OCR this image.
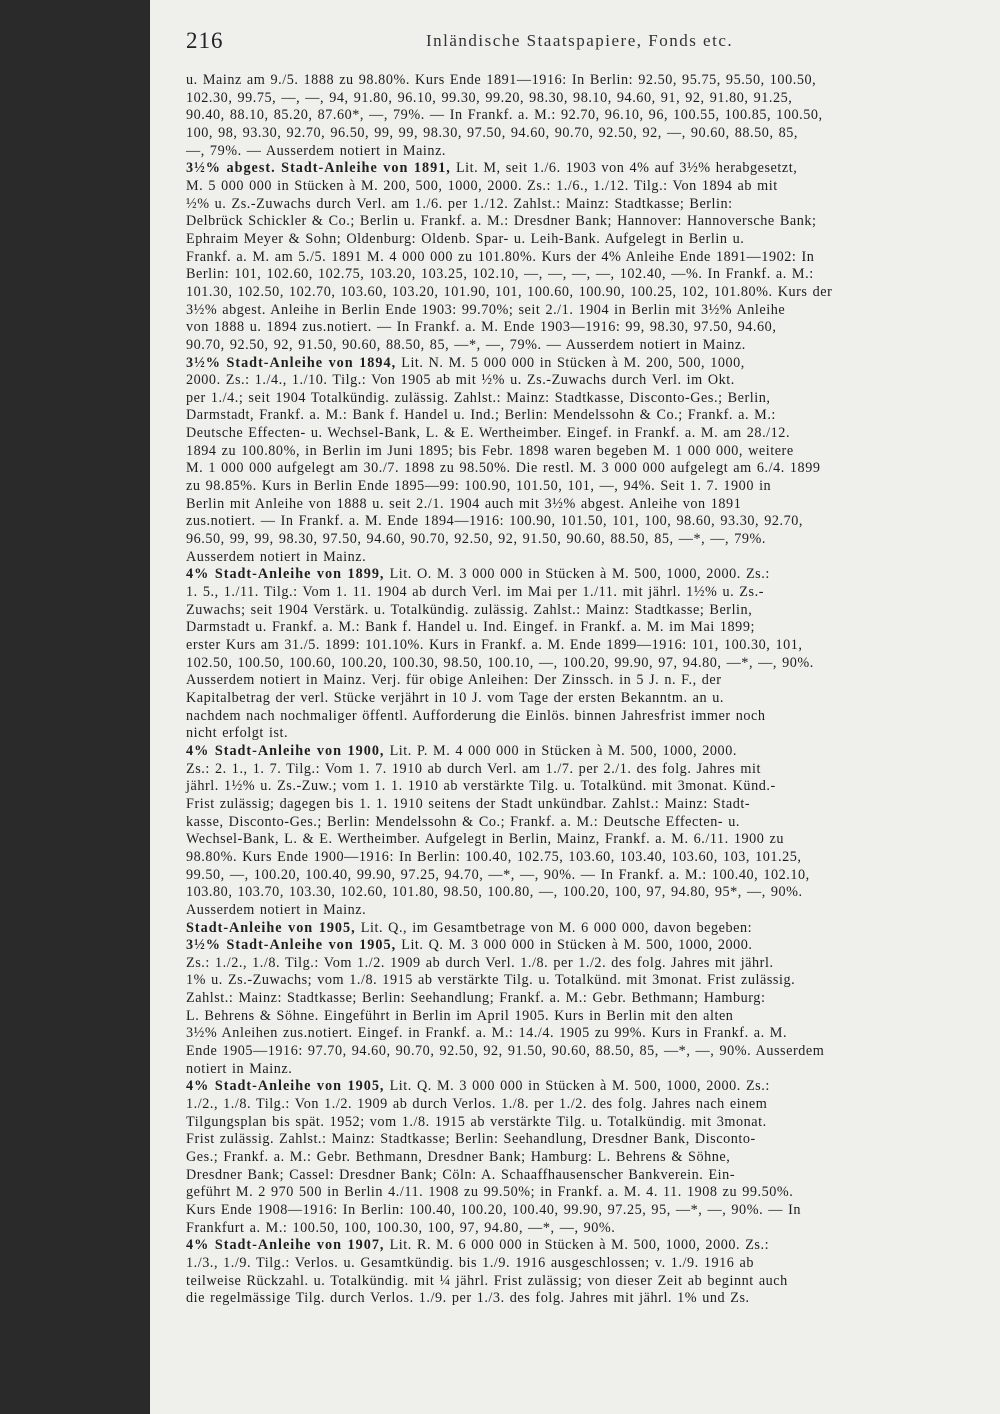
216	Inländische Staatspapiere, Fonds etc.

u. Mainz am 9./5. 1888 zu 98.80%. Kurs Ende 1891—1916: In Berlin: 92.50, 95.75, 95.50, 100.50,
102.30, 99.75, —, —, 94, 91.80, 96.10, 99.30, 99.20, 98.30, 98.10, 94.60, 91, 92, 91.80, 91.25,
90.40, 88.10, 85.20, 87.60*, —, 79%. — In Frankf. a. M.: 92.70, 96.10, 96, 100.55, 100.85, 100.50,
100, 98, 93.30, 92.70, 96.50, 99, 99, 98.30, 97.50, 94.60, 90.70, 92.50, 92, —, 90.60, 88.50, 85,
—, 79%. — Ausserdem notiert in Mainz.

3½% abgest. Stadt-Anleihe von 1891, Lit. M, seit 1./6. 1903 von 4% auf 3½% herabgesetzt,
M. 5 000 000 in Stücken à M. 200, 500, 1000, 2000. Zs.: 1./6., 1./12. Tilg.: Von 1894 ab mit
½% u. Zs.-Zuwachs durch Verl. am 1./6. per 1./12. Zahlst.: Mainz: Stadtkasse; Berlin:
Delbrück Schickler & Co.; Berlin u. Frankf. a. M.: Dresdner Bank; Hannover: Hannoversche Bank;
Ephraim Meyer & Sohn; Oldenburg: Oldenb. Spar- u. Leih-Bank. Aufgelegt in Berlin u.
Frankf. a. M. am 5./5. 1891 M. 4 000 000 zu 101.80%. Kurs der 4% Anleihe Ende 1891—1902: In
Berlin: 101, 102.60, 102.75, 103.20, 103.25, 102.10, —, —, —, —, 102.40, —%. In Frankf. a. M.:
101.30, 102.50, 102.70, 103.60, 103.20, 101.90, 101, 100.60, 100.90, 100.25, 102, 101.80%. Kurs der
3½% abgest. Anleihe in Berlin Ende 1903: 99.70%; seit 2./1. 1904 in Berlin mit 3½% Anleihe
von 1888 u. 1894 zus.notiert. — In Frankf. a. M. Ende 1903—1916: 99, 98.30, 97.50, 94.60,
90.70, 92.50, 92, 91.50, 90.60, 88.50, 85, —*, —, 79%. — Ausserdem notiert in Mainz.

3½% Stadt-Anleihe von 1894, Lit. N. M. 5 000 000 in Stücken à M. 200, 500, 1000,
2000. Zs.: 1./4., 1./10. Tilg.: Von 1905 ab mit ½% u. Zs.-Zuwachs durch Verl. im Okt.
per 1./4.; seit 1904 Totalkündig. zulässig. Zahlst.: Mainz: Stadtkasse, Disconto-Ges.; Berlin,
Darmstadt, Frankf. a. M.: Bank f. Handel u. Ind.; Berlin: Mendelssohn & Co.; Frankf. a. M.:
Deutsche Effecten- u. Wechsel-Bank, L. & E. Wertheimber. Eingef. in Frankf. a. M. am 28./12.
1894 zu 100.80%, in Berlin im Juni 1895; bis Febr. 1898 waren begeben M. 1 000 000, weitere
M. 1 000 000 aufgelegt am 30./7. 1898 zu 98.50%. Die restl. M. 3 000 000 aufgelegt am 6./4. 1899
zu 98.85%. Kurs in Berlin Ende 1895—99: 100.90, 101.50, 101, —, 94%. Seit 1. 7. 1900 in
Berlin mit Anleihe von 1888 u. seit 2./1. 1904 auch mit 3½% abgest. Anleihe von 1891
zus.notiert. — In Frankf. a. M. Ende 1894—1916: 100.90, 101.50, 101, 100, 98.60, 93.30, 92.70,
96.50, 99, 99, 98.30, 97.50, 94.60, 90.70, 92.50, 92, 91.50, 90.60, 88.50, 85, —*, —, 79%.
Ausserdem notiert in Mainz.

4% Stadt-Anleihe von 1899, Lit. O. M. 3 000 000 in Stücken à M. 500, 1000, 2000. Zs.:
1. 5., 1./11. Tilg.: Vom 1. 11. 1904 ab durch Verl. im Mai per 1./11. mit jährl. 1½% u. Zs.-
Zuwachs; seit 1904 Verstärk. u. Totalkündig. zulässig. Zahlst.: Mainz: Stadtkasse; Berlin,
Darmstadt u. Frankf. a. M.: Bank f. Handel u. Ind. Eingef. in Frankf. a. M. im Mai 1899;
erster Kurs am 31./5. 1899: 101.10%. Kurs in Frankf. a. M. Ende 1899—1916: 101, 100.30, 101,
102.50, 100.50, 100.60, 100.20, 100.30, 98.50, 100.10, —, 100.20, 99.90, 97, 94.80, —*, —, 90%.
Ausserdem notiert in Mainz. Verj. für obige Anleihen: Der Zinssch. in 5 J. n. F., der
Kapitalbetrag der verl. Stücke verjährt in 10 J. vom Tage der ersten Bekanntm. an u.
nachdem nach nochmaliger öffentl. Aufforderung die Einlös. binnen Jahresfrist immer noch
nicht erfolgt ist.

4% Stadt-Anleihe von 1900, Lit. P. M. 4 000 000 in Stücken à M. 500, 1000, 2000.
Zs.: 2. 1., 1. 7. Tilg.: Vom 1. 7. 1910 ab durch Verl. am 1./7. per 2./1. des folg. Jahres mit
jährl. 1½% u. Zs.-Zuw.; vom 1. 1. 1910 ab verstärkte Tilg. u. Totalkünd. mit 3monat. Künd.-
Frist zulässig; dagegen bis 1. 1. 1910 seitens der Stadt unkündbar. Zahlst.: Mainz: Stadt-
kasse, Disconto-Ges.; Berlin: Mendelssohn & Co.; Frankf. a. M.: Deutsche Effecten- u.
Wechsel-Bank, L. & E. Wertheimber. Aufgelegt in Berlin, Mainz, Frankf. a. M. 6./11. 1900 zu
98.80%. Kurs Ende 1900—1916: In Berlin: 100.40, 102.75, 103.60, 103.40, 103.60, 103, 101.25,
99.50, —, 100.20, 100.40, 99.90, 97.25, 94.70, —*, —, 90%. — In Frankf. a. M.: 100.40, 102.10,
103.80, 103.70, 103.30, 102.60, 101.80, 98.50, 100.80, —, 100.20, 100, 97, 94.80, 95*, —, 90%.
Ausserdem notiert in Mainz.

Stadt-Anleihe von 1905, Lit. Q., im Gesamtbetrage von M. 6 000 000, davon begeben:

3½% Stadt-Anleihe von 1905, Lit. Q. M. 3 000 000 in Stücken à M. 500, 1000, 2000.
Zs.: 1./2., 1./8. Tilg.: Vom 1./2. 1909 ab durch Verl. 1./8. per 1./2. des folg. Jahres mit jährl.
1% u. Zs.-Zuwachs; vom 1./8. 1915 ab verstärkte Tilg. u. Totalkünd. mit 3monat. Frist zulässig.
Zahlst.: Mainz: Stadtkasse; Berlin: Seehandlung; Frankf. a. M.: Gebr. Bethmann; Hamburg:
L. Behrens & Söhne. Eingeführt in Berlin im April 1905. Kurs in Berlin mit den alten
3½% Anleihen zus.notiert. Eingef. in Frankf. a. M.: 14./4. 1905 zu 99%. Kurs in Frankf. a. M.
Ende 1905—1916: 97.70, 94.60, 90.70, 92.50, 92, 91.50, 90.60, 88.50, 85, —*, —, 90%. Ausserdem
notiert in Mainz.

4% Stadt-Anleihe von 1905, Lit. Q. M. 3 000 000 in Stücken à M. 500, 1000, 2000. Zs.:
1./2., 1./8. Tilg.: Von 1./2. 1909 ab durch Verlos. 1./8. per 1./2. des folg. Jahres nach einem
Tilgungsplan bis spät. 1952; vom 1./8. 1915 ab verstärkte Tilg. u. Totalkündig. mit 3monat.
Frist zulässig. Zahlst.: Mainz: Stadtkasse; Berlin: Seehandlung, Dresdner Bank, Disconto-
Ges.; Frankf. a. M.: Gebr. Bethmann, Dresdner Bank; Hamburg: L. Behrens & Söhne,
Dresdner Bank; Cassel: Dresdner Bank; Cöln: A. Schaaffhausenscher Bankverein. Ein-
geführt M. 2 970 500 in Berlin 4./11. 1908 zu 99.50%; in Frankf. a. M. 4. 11. 1908 zu 99.50%.
Kurs Ende 1908—1916: In Berlin: 100.40, 100.20, 100.40, 99.90, 97.25, 95, —*, —, 90%. — In
Frankfurt a. M.: 100.50, 100, 100.30, 100, 97, 94.80, —*, —, 90%.

4% Stadt-Anleihe von 1907, Lit. R. M. 6 000 000 in Stücken à M. 500, 1000, 2000. Zs.:
1./3., 1./9. Tilg.: Verlos. u. Gesamtkündig. bis 1./9. 1916 ausgeschlossen; v. 1./9. 1916 ab
teilweise Rückzahl. u. Totalkündig. mit ¼ jährl. Frist zulässig; von dieser Zeit ab beginnt auch
die regelmässige Tilg. durch Verlos. 1./9. per 1./3. des folg. Jahres mit jährl. 1% und Zs.
